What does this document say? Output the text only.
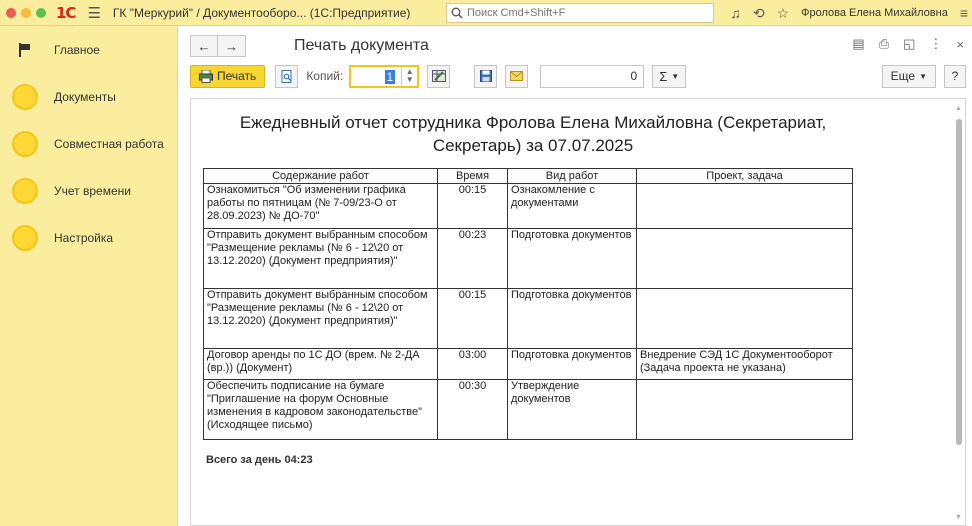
1С ☰ ГК "Меркурий" / Документооборо... (1С:Предприятие)
Поиск Cmd+Shift+F	♫ ⟲ ☆ Фролова Елена Михайловна ≡
Главное
Документы
Совместная работа
Учет времени
Настройка
←	→	Печать документа	▤ ⎙ ◱ ⋮ ×
Печать	Копий:	1 ▲
▼	0	Σ ▼	Еще ▼	?
Ежедневный отчет сотрудника Фролова Елена Михайловна (Секретариат,
Секретарь) за 07.07.2025
Содержание работ	Время	Вид работ	Проект, задача
Ознакомиться "Об изменении графика работы по пятницам (№ 7-09/23-О от 28.09.2023) № ДО-70"	00:15	Ознакомление с документами	
Отправить документ выбранным способом "Размещение рекламы (№ 6 - 12\20 от 13.12.2020) (Документ предприятия)"	00:23	Подготовка документов	
Отправить документ выбранным способом "Размещение рекламы (№ 6 - 12\20 от 13.12.2020) (Документ предприятия)"	00:15	Подготовка документов	
Договор аренды по 1С ДО (врем. № 2-ДА (вр.)) (Документ)	03:00	Подготовка документов	Внедрение СЭД 1С Документооборот (Задача проекта не указана)
Обеспечить подписание на бумаге "Приглашение на форум Основные изменения в кадровом законодательстве" (Исходящее письмо)	00:30	Утверждение документов	
Всего за день 04:23
▲
▼
